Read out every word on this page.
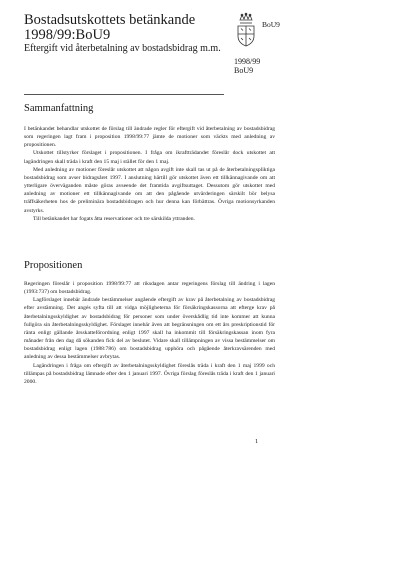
Bostadsutskottets betänkande
1998/99:BoU9

Eftergift vid återbetalning av bostadsbidrag m.m.

BoU9

1998/99
BoU9

Sammanfattning

I betänkandet behandlar utskottet de förslag till ändrade regler för eftergift vid återbetalning av bostadsbidrag som regeringen lagt fram i proposition 1998/99:77 jämte de motioner som väckts med anledning av propositionen.

Utskottet tillstyrker förslaget i propositionen. I fråga om ikraftträdandet föreslår dock utskottet att lagändringen skall träda i kraft den 15 maj i stället för den 1 maj.

Med anledning av motioner föreslår utskottet att någon avgift inte skall tas ut på de återbetalningspliktiga bostadsbidrag som avser bidragsåret 1997. I anslutning härtill gör utskottet även ett tillkännagivande om att ytterligare överväganden måste göras avseende det framtida avgiftsuttaget. Dessutom gör utskottet med anledning av motioner ett tillkännagivande om att den pågående utvärderingen särskilt bör belysa träffsäkerheten hos de preliminära bostadsbidragen och hur denna kan förbättras. Övriga motionsyrkanden avstyrks.

Till betänkandet har fogats åtta reservationer och tre särskilda yttranden.

Propositionen

Regeringen föreslår i proposition 1998/99:77 att riksdagen antar regeringens förslag till ändring i lagen (1993:737) om bostadsbidrag.

Lagförslaget innebär ändrade bestämmelser angående eftergift av krav på återbetalning av bostadsbidrag efter avstämning. Det angés syfta till att vidga möjligheterna för försäkringskassorna att efterge krav på återbetalningsskyldighet av bostadsbidrag för personer som under överskådlig tid inte kommer att kunna fullgöra sin återbetalningsskyldighet. Förslaget innebär även att begränsningen om ett års preskriptionstid för ränta enligt gällande årsskatteförordning enligt 1997 skall ha inkommit till försäkringskassan inom fyra månader från den dag då sökanden fick del av beslutet. Vidare skall tillämpningen av vissa bestämmelser om bostadsbidrag enligt lagen (1988:786) om bostadsbidrag upphöra och pågående återkravsärenden med anledning av dessa bestämmelser avbrytas.

Lagändringen i fråga om eftergift av återbetalningsskyldighet föreslås träda i kraft den 1 maj 1999 och tillämpas på bostadsbidrag lämnade efter den 1 januari 1997. Övriga förslag föreslås träda i kraft den 1 januari 2000.

1
